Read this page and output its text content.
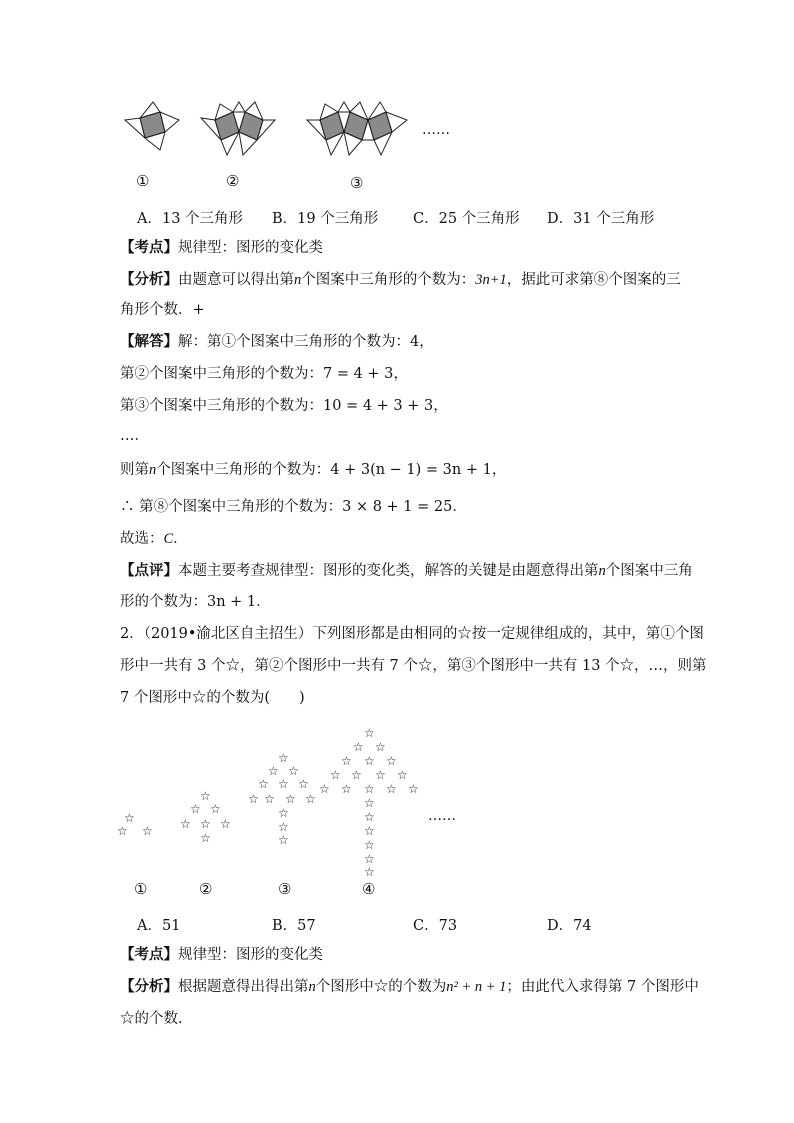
……
①	②	③
A．13 个三角形 B．19 个三角形 C．25 个三角形 D．31 个三角形
【考点】规律型：图形的变化类
【分析】由题意可以得出第n个图案中三角形的个数为：3n+1，据此可求第⑧个图案的三
角形个数．+
【解答】解：第①个图案中三角形的个数为：4，
第②个图案中三角形的个数为：7 = 4 + 3，
第③个图案中三角形的个数为：10 = 4 + 3 + 3，
…．
则第n个图案中三角形的个数为：4 + 3(n − 1) = 3n + 1，
∴ 第⑧个图案中三角形的个数为：3 × 8 + 1 = 25．
故选：C．
【点评】本题主要考查规律型：图形的变化类，解答的关键是由题意得出第n个图案中三角
形的个数为：3n + 1．
2．（2019•渝北区自主招生）下列图形都是由相同的☆按一定规律组成的，其中，第①个图
形中一共有 3 个☆，第②个图形中一共有 7 个☆，第③个图形中一共有 13 个☆，…，则第
7 个图形中☆的个数为(　　)
☆
☆ ☆
☆
☆ ☆
☆ ☆ ☆
☆
☆
☆ ☆
☆ ☆ ☆
☆ ☆ ☆ ☆
☆
☆
☆
☆
☆ ☆
☆ ☆ ☆
☆ ☆ ☆ ☆
☆ ☆ ☆ ☆ ☆
☆
☆
☆
☆
☆
☆
……
①	②	③	④
A．51	B．57	C．73	D．74
【考点】规律型：图形的变化类
【分析】根据题意得出得出第n个图形中☆的个数为n² + n + 1；由此代入求得第 7 个图形中
☆的个数.
